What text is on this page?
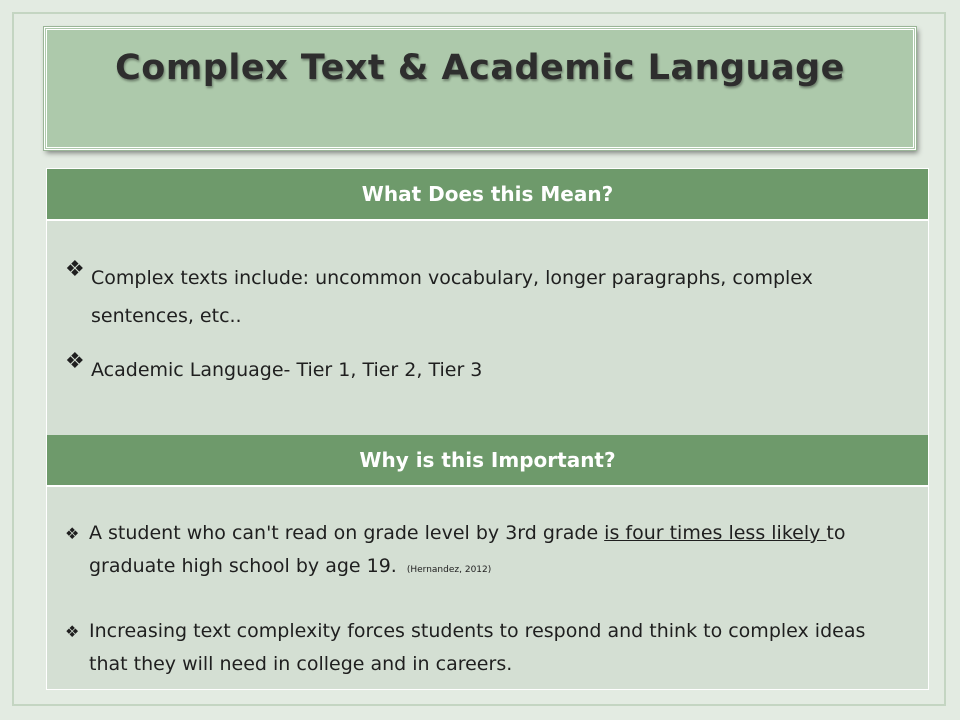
Complex Text & Academic Language
What Does this Mean?
❖ Complex texts include: uncommon vocabulary, longer paragraphs, complex sentences, etc..
❖ Academic Language- Tier 1, Tier 2, Tier 3
Why is this Important?
❖ A student who can't read on grade level by 3rd grade is four times less likely to graduate high school by age 19. (Hernandez, 2012)
❖ Increasing text complexity forces students to respond and think to complex ideas that they will need in college and in careers.
